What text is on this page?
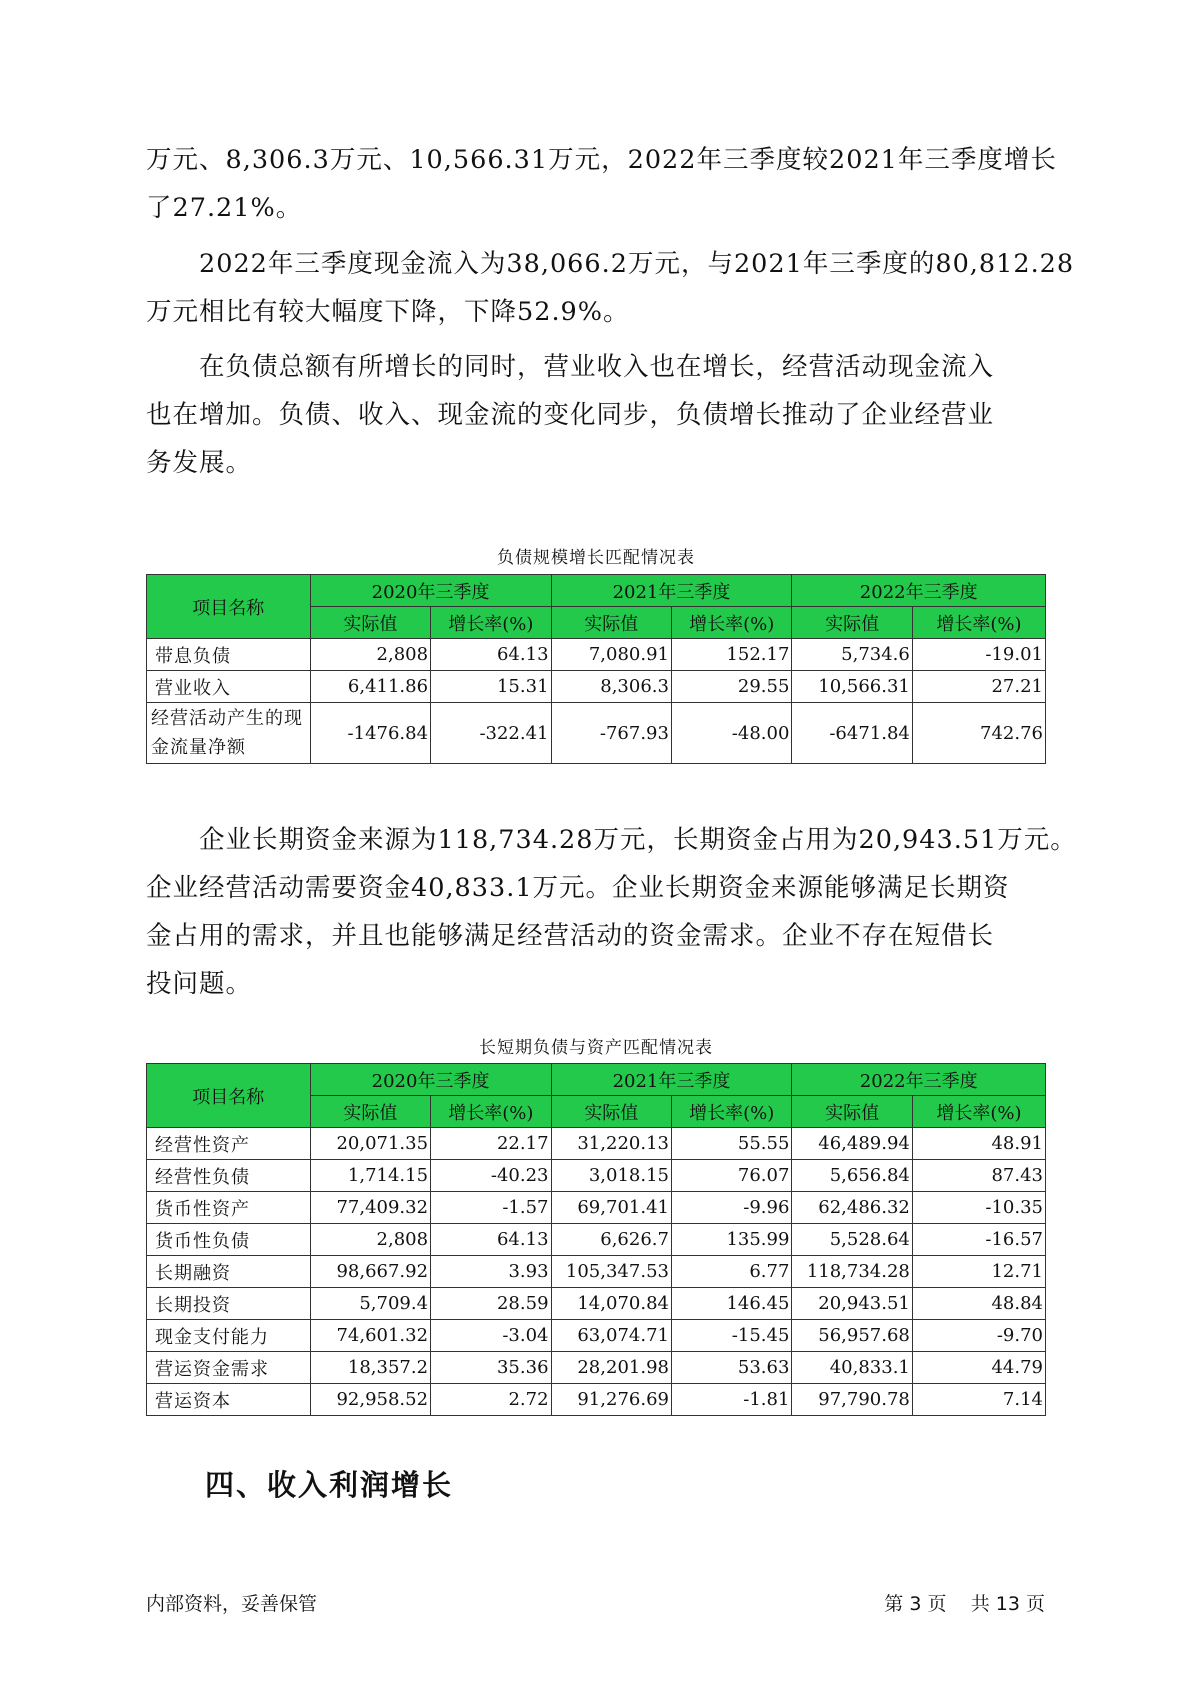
万元、8,306.3万元、10,566.31万元，2022年三季度较2021年三季度增长
了27.21%。

　　2022年三季度现金流入为38,066.2万元，与2021年三季度的80,812.28
万元相比有较大幅度下降，下降52.9%。

　　在负债总额有所增长的同时，营业收入也在增长，经营活动现金流入
也在增加。负债、收入、现金流的变化同步，负债增长推动了企业经营业
务发展。

负债规模增长匹配情况表
项目名称	2020年三季度		2021年三季度		2022年三季度	
	实际值	增长率(%)	实际值	增长率(%)	实际值	增长率(%)
带息负债	2,808	64.13	7,080.91	152.17	5,734.6	-19.01
营业收入	6,411.86	15.31	8,306.3	29.55	10,566.31	27.21
经营活动产生的现金流量净额	-1476.84	-322.41	-767.93	-48.00	-6471.84	742.76

　　企业长期资金来源为118,734.28万元，长期资金占用为20,943.51万元。
企业经营活动需要资金40,833.1万元。企业长期资金来源能够满足长期资
金占用的需求，并且也能够满足经营活动的资金需求。企业不存在短借长
投问题。

长短期负债与资产匹配情况表
项目名称	2020年三季度		2021年三季度		2022年三季度	
	实际值	增长率(%)	实际值	增长率(%)	实际值	增长率(%)
经营性资产	20,071.35	22.17	31,220.13	55.55	46,489.94	48.91
经营性负债	1,714.15	-40.23	3,018.15	76.07	5,656.84	87.43
货币性资产	77,409.32	-1.57	69,701.41	-9.96	62,486.32	-10.35
货币性负债	2,808	64.13	6,626.7	135.99	5,528.64	-16.57
长期融资	98,667.92	3.93	105,347.53	6.77	118,734.28	12.71
长期投资	5,709.4	28.59	14,070.84	146.45	20,943.51	48.84
现金支付能力	74,601.32	-3.04	63,074.71	-15.45	56,957.68	-9.70
营运资金需求	18,357.2	35.36	28,201.98	53.63	40,833.1	44.79
营运资本	92,958.52	2.72	91,276.69	-1.81	97,790.78	7.14
四、收入利润增长
内部资料，妥善保管	第 3 页 共 13 页
